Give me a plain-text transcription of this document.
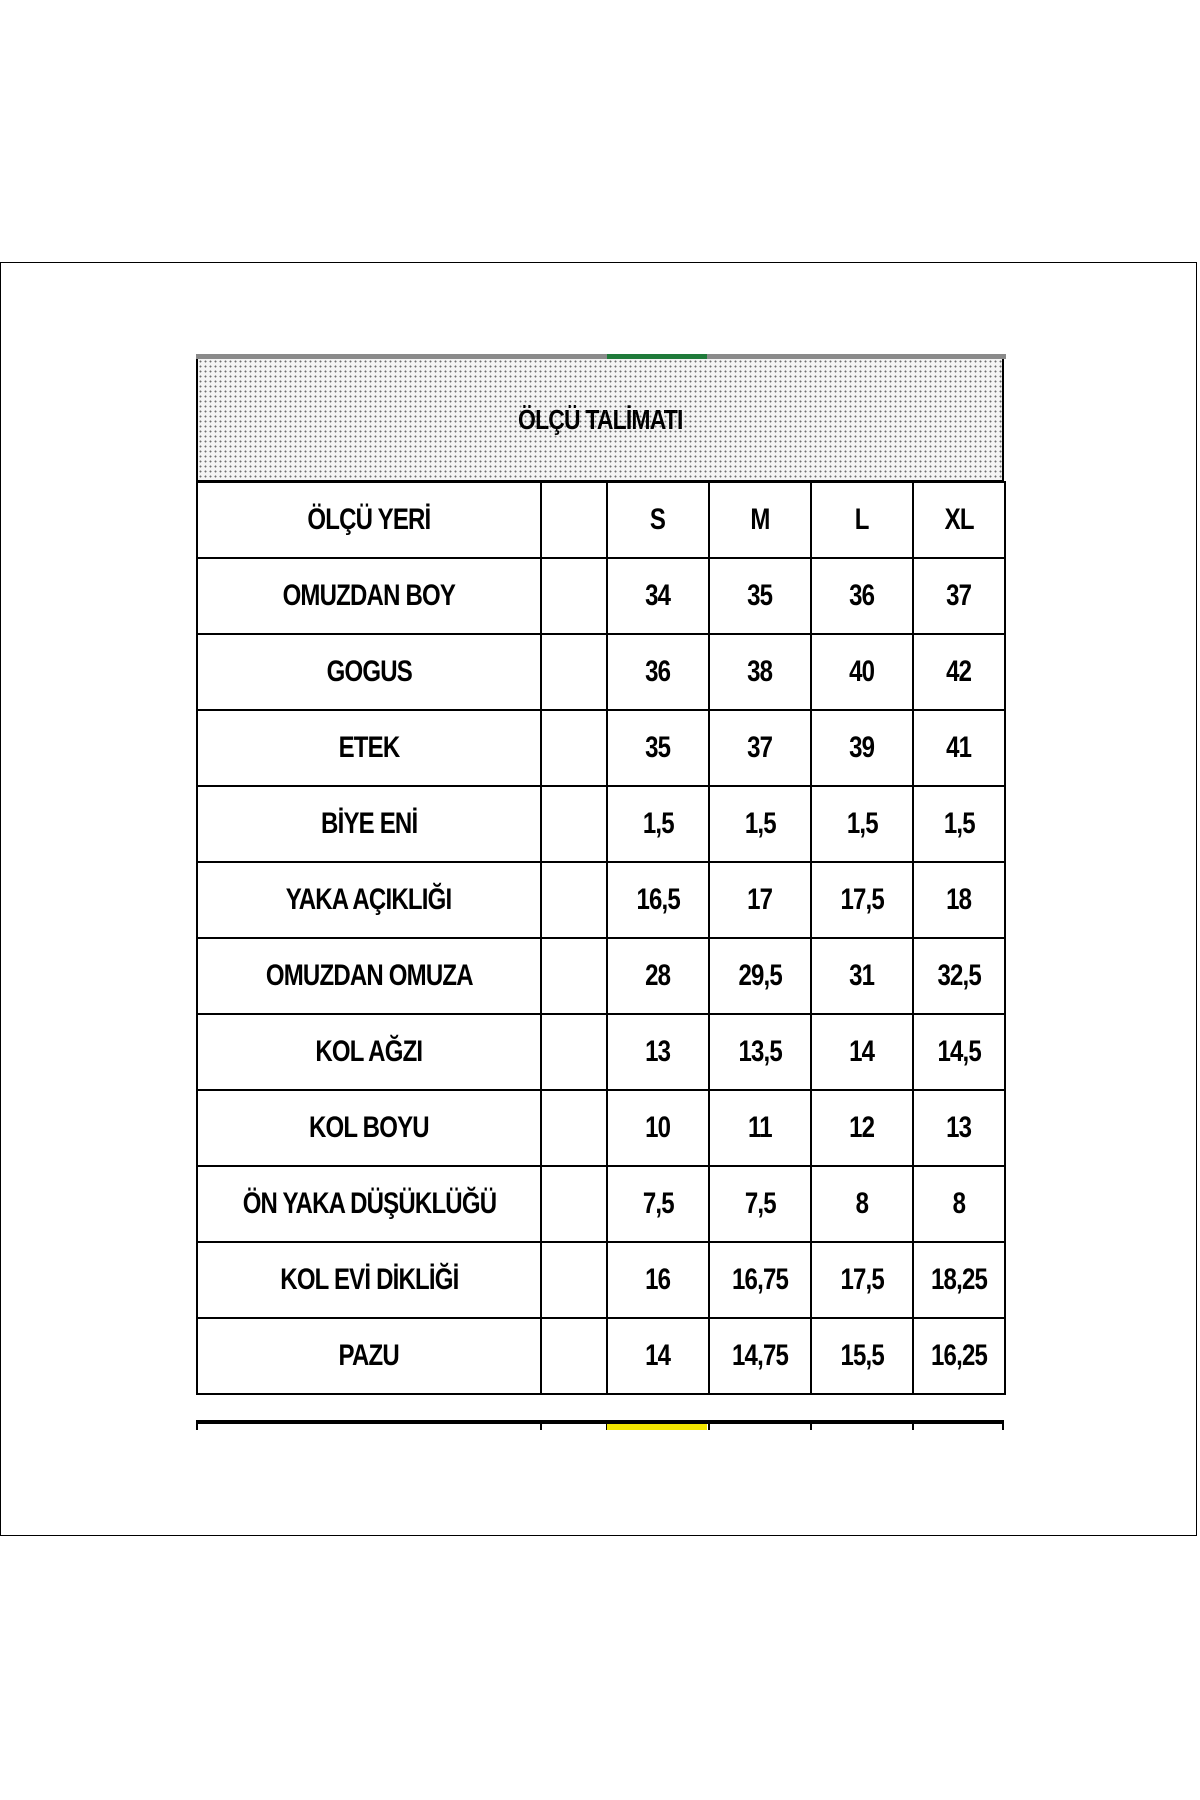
ÖLÇÜ TALİMATI
ÖLÇÜ YERİ		S	M	L	XL
OMUZDAN BOY		34	35	36	37
GOGUS		36	38	40	42
ETEK		35	37	39	41
BİYE ENİ		1,5	1,5	1,5	1,5
YAKA AÇIKLIĞI		16,5	17	17,5	18
OMUZDAN OMUZA		28	29,5	31	32,5
KOL AĞZI		13	13,5	14	14,5
KOL BOYU		10	11	12	13
ÖN YAKA DÜŞÜKLÜĞÜ		7,5	7,5	8	8
KOL EVİ DİKLİĞİ		16	16,75	17,5	18,25
PAZU		14	14,75	15,5	16,25
